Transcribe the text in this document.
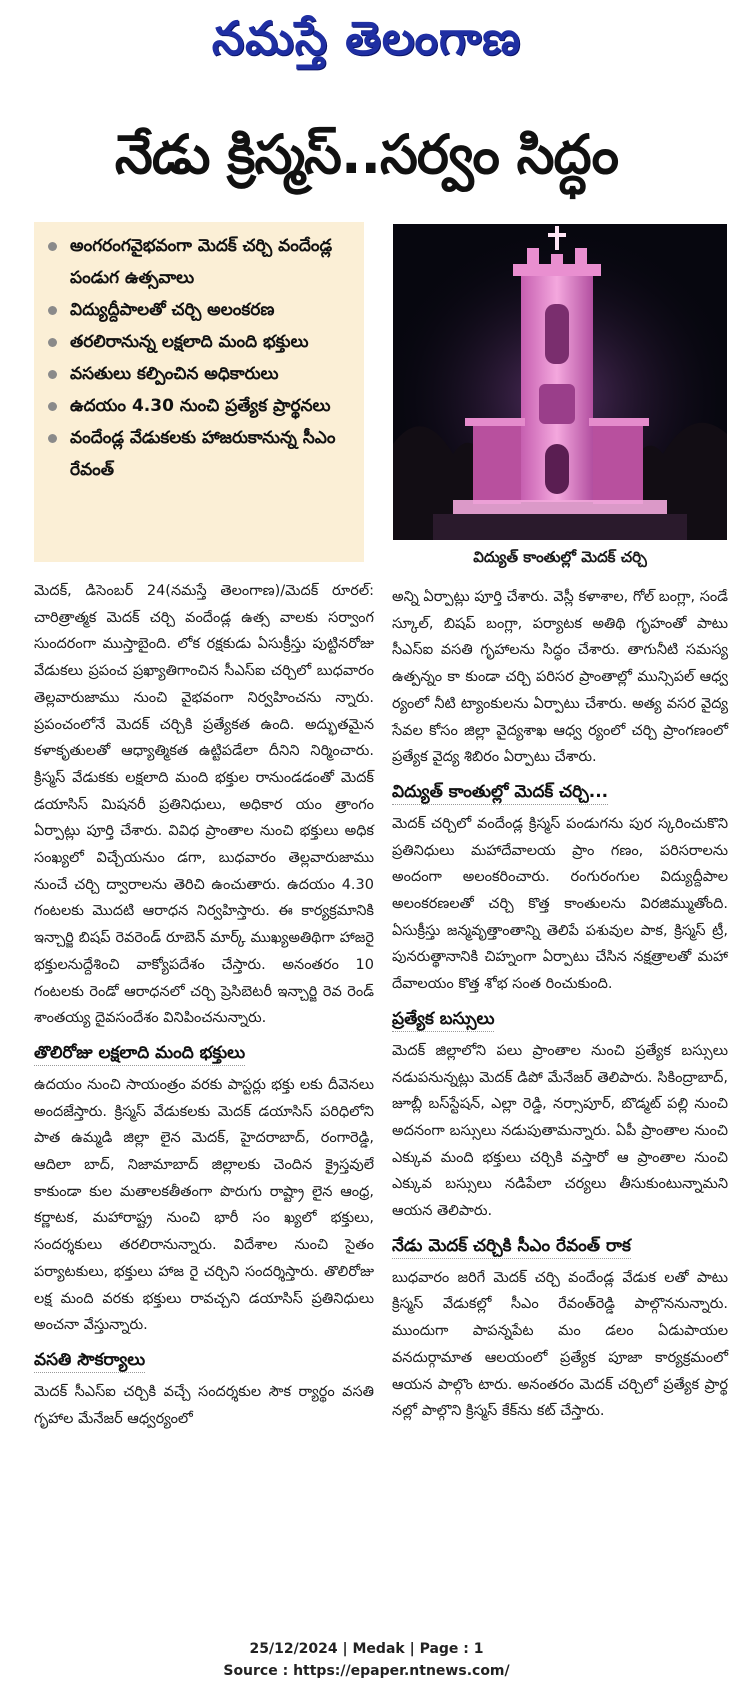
నమస్తే తెలంగాణ
నేడు క్రిస్మస్..సర్వం సిద్ధం
అంగరంగవైభవంగా మెదక్ చర్చి వందేండ్ల పండుగ ఉత్సవాలు
విద్యుద్దీపాలతో చర్చి అలంకరణ
తరలిరానున్న లక్షలాది మంది భక్తులు
వసతులు కల్పించిన అధికారులు
ఉదయం 4.30 నుంచి ప్రత్యేక ప్రార్థనలు
వందేండ్ల వేడుకలకు హాజరుకానున్న సీఎం రేవంత్
విద్యుత్ కాంతుల్లో మెదక్ చర్చి

మెదక్, డిసెంబర్ 24(నమస్తే తెలంగాణ)/మెదక్ రూరల్: చారిత్రాత్మక మెదక్ చర్చి వందేండ్ల ఉత్స వాలకు సర్వాంగ సుందరంగా ముస్తాబైంది. లోక రక్షకుడు ఏసుక్రీస్తు పుట్టినరోజు వేడుకలు ప్రపంచ ప్రఖ్యాతిగాంచిన సీఎస్ఐ చర్చిలో బుధవారం తెల్లవారుజాము నుంచి వైభవంగా నిర్వహించను న్నారు. ప్రపంచంలోనే మెదక్ చర్చికి ప్రత్యేకత ఉంది. అద్భుతమైన కళాకృతులతో ఆధ్యాత్మికత ఉట్టిపడేలా దీనిని నిర్మించారు. క్రిస్మస్ వేడుకకు లక్షలాది మంది భక్తుల రానుండడంతో మెదక్ డయాసిస్ మిషనరీ ప్రతినిధులు, అధికార యం త్రాంగం ఏర్పాట్లు పూర్తి చేశారు. వివిధ ప్రాంతాల నుంచి భక్తులు అధిక సంఖ్యలో విచ్చేయనుం డగా, బుధవారం తెల్లవారుజాము నుంచే చర్చి ద్వారాలను తెరిచి ఉంచుతారు. ఉదయం 4.30 గంటలకు మొదటి ఆరాధన నిర్వహిస్తారు. ఈ కార్యక్రమానికి ఇన్చార్జి బిషప్ రెవరెండ్ రూబెన్ మార్క్ ముఖ్యఅతిథిగా హాజరై భక్తులనుద్దేశించి వాక్యోపదేశం చేస్తారు. అనంతరం 10 గంటలకు రెండో ఆరాధనలో చర్చి ప్రెసిబెటరీ ఇన్చార్జి రెవ రెండ్ శాంతయ్య దైవసందేశం వినిపించనున్నారు.

తొలిరోజు లక్షలాది మంది భక్తులు

ఉదయం నుంచి సాయంత్రం వరకు పాస్టర్లు భక్తు లకు దీవెనలు అందజేస్తారు. క్రిస్మస్ వేడుకలకు మెదక్ డయాసిస్ పరిధిలోని పాత ఉమ్మడి జిల్లా లైన మెదక్, హైదరాబాద్, రంగారెడ్డి, ఆదిలా బాద్, నిజామాబాద్ జిల్లాలకు చెందిన క్రైస్తవులే కాకుండా కుల మతాలకతీతంగా పొరుగు రాష్ట్రా లైన ఆంధ్ర, కర్ణాటక, మహారాష్ట్ర నుంచి భారీ సం ఖ్యలో భక్తులు, సందర్శకులు తరలిరానున్నారు. విదేశాల నుంచి సైతం పర్యాటకులు, భక్తులు హాజ రై చర్చిని సందర్శిస్తారు. తొలిరోజు లక్ష మంది వరకు భక్తులు రావచ్చని డయాసిస్ ప్రతినిధులు అంచనా వేస్తున్నారు.

వసతి సౌకర్యాలు

మెదక్ సీఎస్ఐ చర్చికి వచ్చే సందర్శకుల సౌక ర్యార్థం వసతి గృహాల మేనేజర్ ఆధ్వర్యంలో

అన్ని ఏర్పాట్లు పూర్తి చేశారు. వెస్లీ కళాశాల, గోల్ బంగ్లా, సండే స్కూల్, బిషప్ బంగ్లా, పర్యాటక అతిథి గృహంతో పాటు సీఎస్ఐ వసతి గృహాలను సిద్ధం చేశారు. తాగునీటి సమస్య ఉత్పన్నం కా కుండా చర్చి పరిసర ప్రాంతాల్లో మున్సిపల్ ఆధ్వ ర్యంలో నీటి ట్యాంకులను ఏర్పాటు చేశారు. అత్య వసర వైద్య సేవల కోసం జిల్లా వైద్యశాఖ ఆధ్వ ర్యంలో చర్చి ప్రాంగణంలో ప్రత్యేక వైద్య శిబిరం ఏర్పాటు చేశారు.

విద్యుత్ కాంతుల్లో మెదక్ చర్చి...

మెదక్ చర్చిలో వందేండ్ల క్రిస్మస్ పండుగను పుర స్కరించుకొని ప్రతినిధులు మహాదేవాలయ ప్రాం గణం, పరిసరాలను అందంగా అలంకరించారు. రంగురంగుల విద్యుద్దీపాల అలంకరణలతో చర్చి కొత్త కాంతులను విరజిమ్ముతోంది. ఏసుక్రీస్తు జన్మవృత్తాంతాన్ని తెలిపే పశువుల పాక, క్రిస్మస్ ట్రీ, పునరుత్థానానికి చిహ్నంగా ఏర్పాటు చేసిన నక్షత్రాలతో మహా దేవాలయం కొత్త శోభ సంత రించుకుంది.

ప్రత్యేక బస్సులు

మెదక్ జిల్లాలోని పలు ప్రాంతాల నుంచి ప్రత్యేక బస్సులు నడుపనున్నట్లు మెదక్ డిపో మేనేజర్ తెలిపారు. సికింద్రాబాద్, జూబ్లీ బస్‌స్టేషన్, ఎల్లా రెడ్డి, నర్సాపూర్, బొడ్మట్ పల్లి నుంచి అదనంగా బస్సులు నడుపుతామన్నారు. ఏపీ ప్రాంతాల నుంచి ఎక్కువ మంది భక్తులు చర్చికి వస్తారో ఆ ప్రాంతాల నుంచి ఎక్కువ బస్సులు నడిపేలా చర్యలు తీసుకుంటున్నామని ఆయన తెలిపారు.

నేడు మెదక్ చర్చికి సీఎం రేవంత్ రాక

బుధవారం జరిగే మెదక్ చర్చి వందేండ్ల వేడుక లతో పాటు క్రిస్మస్ వేడుకల్లో సీఎం రేవంత్‌రెడ్డి పాల్గొననున్నారు. ముందుగా పాపన్నపేట మం డలం ఏడుపాయల వనదుర్గామాత ఆలయంలో ప్రత్యేక పూజా కార్యక్రమంలో ఆయన పాల్గొం టారు. అనంతరం మెదక్ చర్చిలో ప్రత్యేక ప్రార్థ నల్లో పాల్గొని క్రిస్మస్ కేక్‌ను కట్ చేస్తారు.

25/12/2024 | Medak | Page : 1
Source : https://epaper.ntnews.com/
